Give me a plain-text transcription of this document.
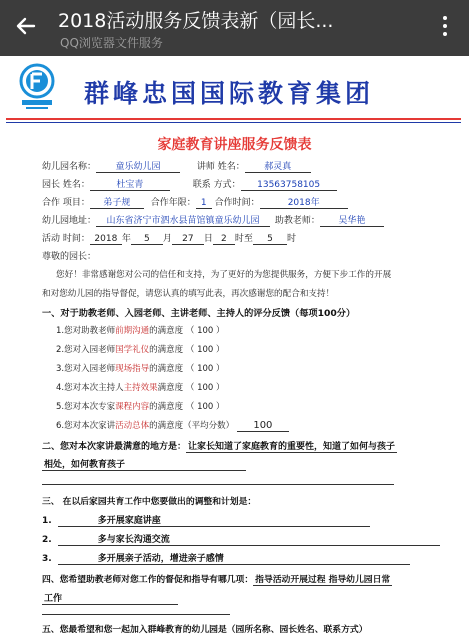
2018活动服务反馈表新（园长...
QQ浏览器文件服务
群峰忠国国际教育集团
家庭教育讲座服务反馈表
幼儿园名称： 童乐幼儿园	讲师 姓名： 郝灵真
园长 姓名：	杜宝青	联系 方式： 13563758105
合作 项目： 弟子规 合作年限： 1 合作时间：	2018年
幼儿园地址： 山东省济宁市泗水县苗馆镇童乐幼儿园 助教老师： 吴华艳
活动 时间： 2018 年 5 月 27 日 2 时至 5 时
尊敬的园长：
您好！非常感谢您对公司的信任和支持，为了更好的为您提供服务，方便下步工作的开展
和对您幼儿园的指导督促，请您认真的填写此表，再次感谢您的配合和支持！
一、对于助教老师、入园老师、主讲老师、主持人的评分反馈（每项100分）
1.您对助教老师前期沟通的满意度 （ 100 ）
2.您对入园老师国学礼仪的满意度 （ 100 ）
3.您对入园老师现场指导的满意度 （ 100 ）
4.您对本次主持人主持效果满意度 （ 100 ）
5.您对本次专家课程内容的满意度 （ 100 ）
6.您对本次家讲活动总体的满意度（平均分数） 100
二、您对本次家讲最满意的地方是： 让家长知道了家庭教育的重要性，知道了如何与孩子
相处，如何教育孩子
三、 在以后家园共育工作中您要做出的调整和计划是：
1.	多开展家庭讲座
2.	多与家长沟通交流
3.	多开展亲子活动，增进亲子感情
四、您希望助教老师对您工作的督促和指导有哪几项： 指导活动开展过程 指导幼儿园日常
工作
五、您最希望和您一起加入群峰教育的幼儿园是（园所名称、园长姓名、联系方式）
